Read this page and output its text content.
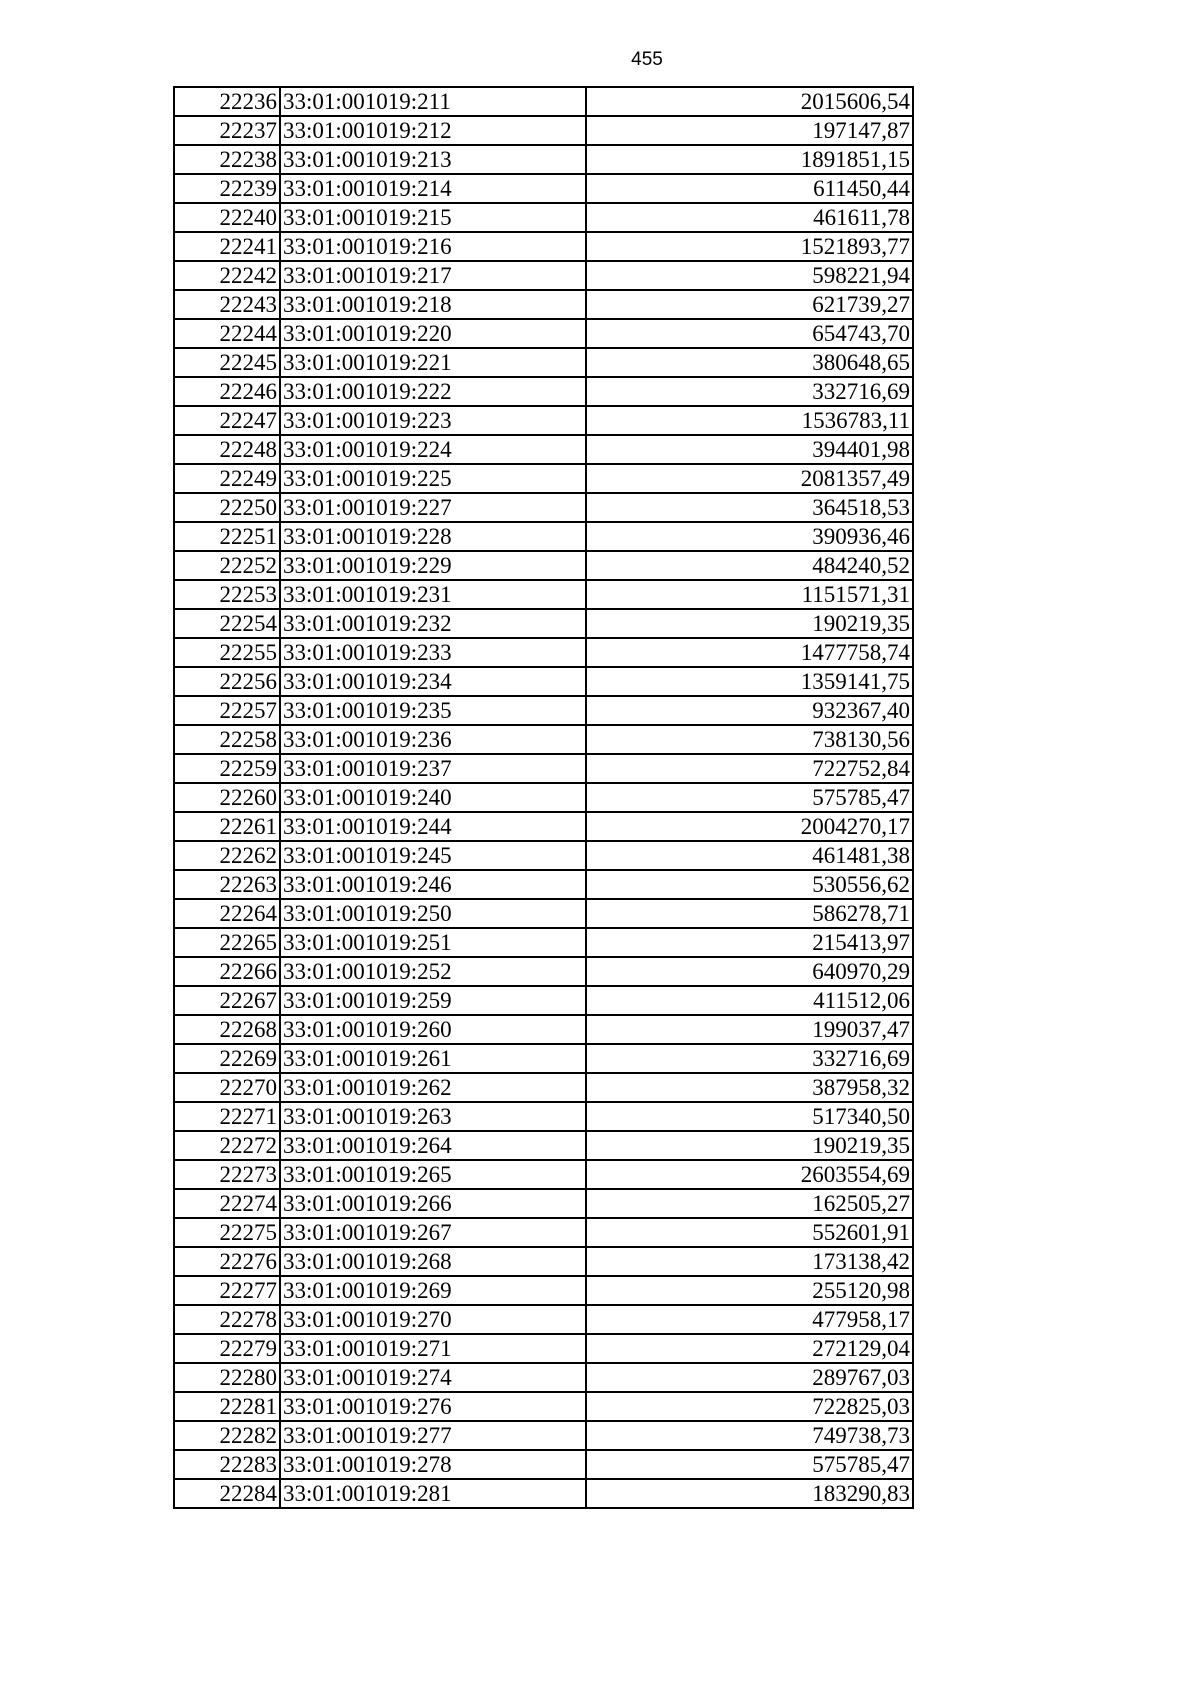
455
22236	33:01:001019:211	2015606,54
22237	33:01:001019:212	197147,87
22238	33:01:001019:213	1891851,15
22239	33:01:001019:214	611450,44
22240	33:01:001019:215	461611,78
22241	33:01:001019:216	1521893,77
22242	33:01:001019:217	598221,94
22243	33:01:001019:218	621739,27
22244	33:01:001019:220	654743,70
22245	33:01:001019:221	380648,65
22246	33:01:001019:222	332716,69
22247	33:01:001019:223	1536783,11
22248	33:01:001019:224	394401,98
22249	33:01:001019:225	2081357,49
22250	33:01:001019:227	364518,53
22251	33:01:001019:228	390936,46
22252	33:01:001019:229	484240,52
22253	33:01:001019:231	1151571,31
22254	33:01:001019:232	190219,35
22255	33:01:001019:233	1477758,74
22256	33:01:001019:234	1359141,75
22257	33:01:001019:235	932367,40
22258	33:01:001019:236	738130,56
22259	33:01:001019:237	722752,84
22260	33:01:001019:240	575785,47
22261	33:01:001019:244	2004270,17
22262	33:01:001019:245	461481,38
22263	33:01:001019:246	530556,62
22264	33:01:001019:250	586278,71
22265	33:01:001019:251	215413,97
22266	33:01:001019:252	640970,29
22267	33:01:001019:259	411512,06
22268	33:01:001019:260	199037,47
22269	33:01:001019:261	332716,69
22270	33:01:001019:262	387958,32
22271	33:01:001019:263	517340,50
22272	33:01:001019:264	190219,35
22273	33:01:001019:265	2603554,69
22274	33:01:001019:266	162505,27
22275	33:01:001019:267	552601,91
22276	33:01:001019:268	173138,42
22277	33:01:001019:269	255120,98
22278	33:01:001019:270	477958,17
22279	33:01:001019:271	272129,04
22280	33:01:001019:274	289767,03
22281	33:01:001019:276	722825,03
22282	33:01:001019:277	749738,73
22283	33:01:001019:278	575785,47
22284	33:01:001019:281	183290,83
